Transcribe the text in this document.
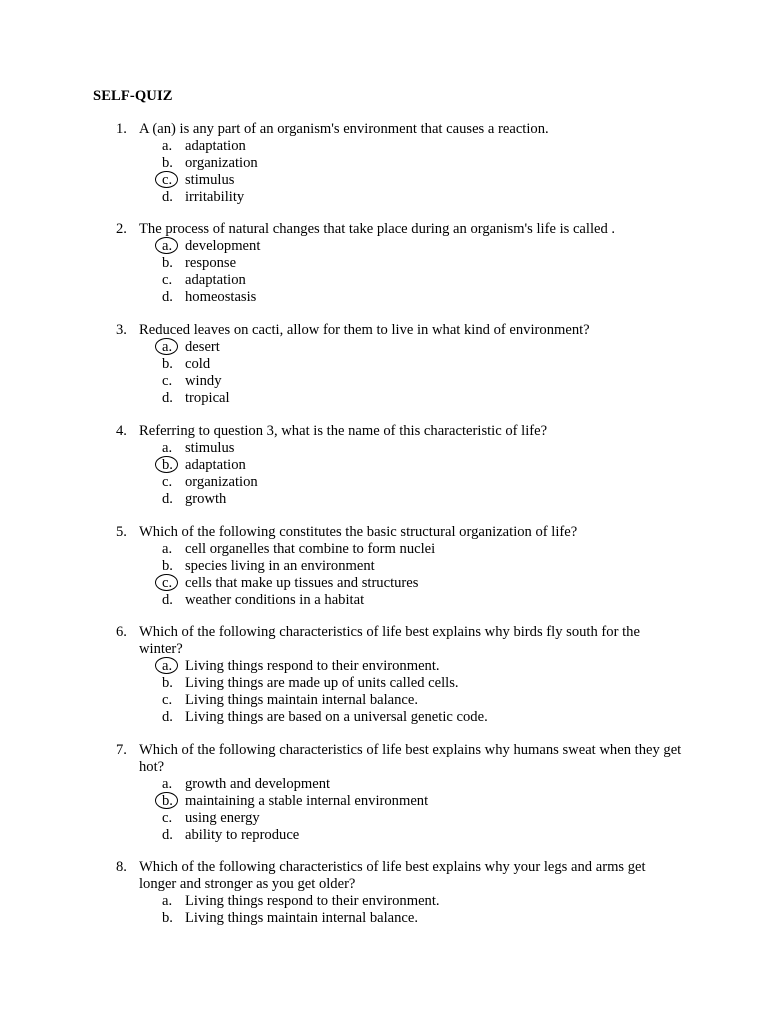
SELF-QUIZ
1. A (an) is any part of an organism's environment that causes a reaction.
a. adaptation
b. organization
c. stimulus
d. irritability
2. The process of natural changes that take place during an organism's life is called .
a. development
b. response
c. adaptation
d. homeostasis
3. Reduced leaves on cacti, allow for them to live in what kind of environment?
a. desert
b. cold
c. windy
d. tropical
4. Referring to question 3, what is the name of this characteristic of life?
a. stimulus
b. adaptation
c. organization
d. growth
5. Which of the following constitutes the basic structural organization of life?
a. cell organelles that combine to form nuclei
b. species living in an environment
c. cells that make up tissues and structures
d. weather conditions in a habitat
6. Which of the following characteristics of life best explains why birds fly south for the winter?
a. Living things respond to their environment.
b. Living things are made up of units called cells.
c. Living things maintain internal balance.
d. Living things are based on a universal genetic code.
7. Which of the following characteristics of life best explains why humans sweat when they get hot?
a. growth and development
b. maintaining a stable internal environment
c. using energy
d. ability to reproduce
8. Which of the following characteristics of life best explains why your legs and arms get longer and stronger as you get older?
a. Living things respond to their environment.
b. Living things maintain internal balance.
